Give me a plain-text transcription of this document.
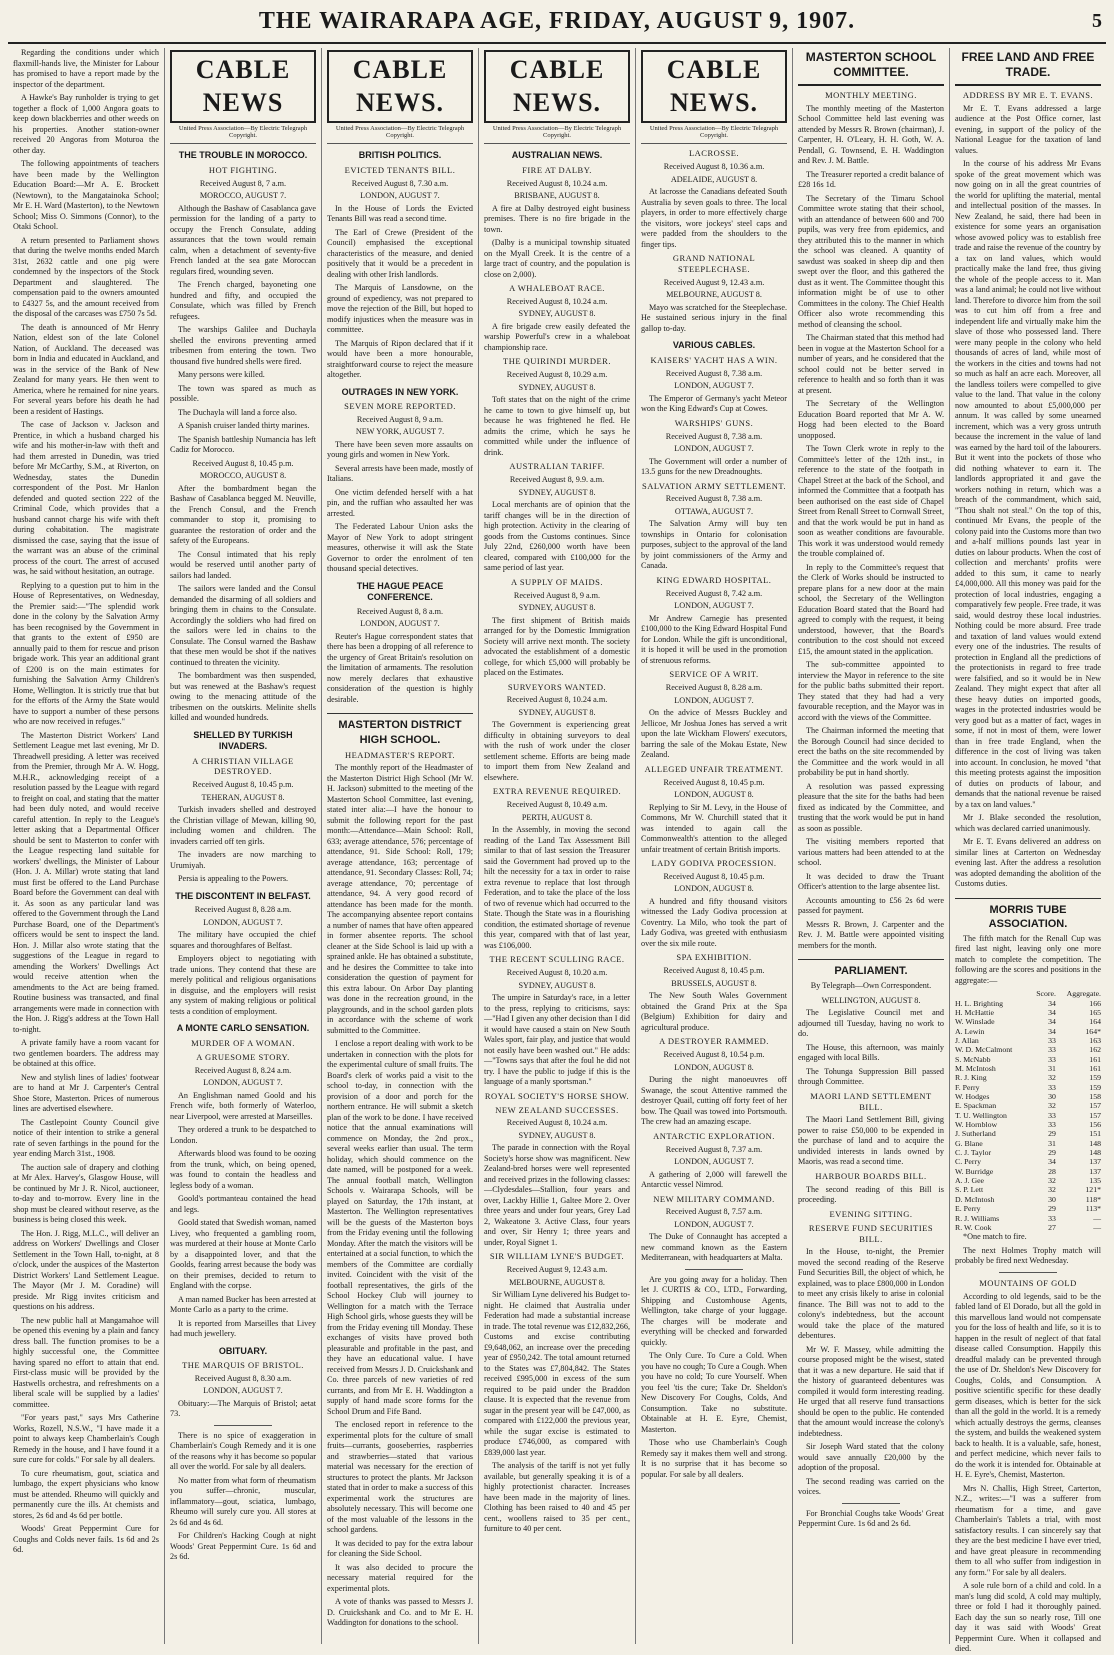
THE WAIRARAPA AGE, FRIDAY, AUGUST 9, 1907.	5

Regarding the conditions under which flaxmill-hands live, the Minister for Labour has promised to have a report made by the inspector of the department.

A Hawke's Bay runholder is trying to get together a flock of 1,000 Angora goats to keep down blackberries and other weeds on his properties. Another station-owner received 20 Angoras from Moturoa the other day.

The following appointments of teachers have been made by the Wellington Education Board:—Mr A. E. Brockett (Newtown), to the Mangatainoka School; Mr E. H. Ward (Masterton), to the Newtown School; Miss O. Simmons (Connor), to the Otaki School.

A return presented to Parliament shows that during the twelve months ended March 31st, 2632 cattle and one pig were condemned by the inspectors of the Stock Department and slaughtered. The compensation paid to the owners amounted to £4327 5s, and the amount received from the disposal of the carcases was £750 7s 5d.

The death is announced of Mr Henry Nation, eldest son of the late Colonel Nation, of Auckland. The deceased was born in India and educated in Auckland, and was in the service of the Bank of New Zealand for many years. He then went to America, where he remained for nine years. For several years before his death he had been a resident of Hastings.

The case of Jackson v. Jackson and Prentice, in which a husband charged his wife and his mother-in-law with theft and had them arrested in Dunedin, was tried before Mr McCarthy, S.M., at Riverton, on Wednesday, states the Dunedin correspondent of the Post. Mr Hanlon defended and quoted section 222 of the Criminal Code, which provides that a husband cannot charge his wife with theft during cohabitation. The magistrate dismissed the case, saying that the issue of the warrant was an abuse of the criminal process of the court. The arrest of accused was, he said without hesitation, an outrage.

Replying to a question put to him in the House of Representatives, on Wednesday, the Premier said:—"The splendid work done in the colony by the Salvation Army has been recognised by the Government in that grants to the extent of £950 are annually paid to them for rescue and prison brigade work. This year an additional grant of £200 is on the main estimates for furnishing the Salvation Army Children's Home, Wellington. It is strictly true that but for the efforts of the Army the State would have to support a number of these persons who are now received in refuges."

The Masterton District Workers' Land Settlement League met last evening, Mr D. Threadwell presiding. A letter was received from the Premier, through Mr A. W. Hogg, M.H.R., acknowledging receipt of a resolution passed by the League with regard to freight on coal, and stating that the matter had been duly noted, and would receive careful attention. In reply to the League's letter asking that a Departmental Officer should be sent to Masterton to confer with the League respecting land suitable for workers' dwellings, the Minister of Labour (Hon. J. A. Millar) wrote stating that land must first be offered to the Land Purchase Board before the Government can deal with it. As soon as any particular land was offered to the Government through the Land Purchase Board, one of the Department's officers would be sent to inspect the land. Hon. J. Millar also wrote stating that the suggestions of the League in regard to amending the Workers' Dwellings Act would receive attention when the amendments to the Act are being framed. Routine business was transacted, and final arrangements were made in connection with the Hon. J. Rigg's address at the Town Hall to-night.

A private family have a room vacant for two gentlemen boarders. The address may be obtained at this office.

New and stylish lines of ladies' footwear are to hand at Mr J. Carpenter's Central Shoe Store, Masterton. Prices of numerous lines are advertised elsewhere.

The Castlepoint County Council give notice of their intention to strike a general rate of seven farthings in the pound for the year ending March 31st., 1908.

The auction sale of drapery and clothing at Mr Alex. Harvey's, Glasgow House, will be continued by Mr J. R. Nicol, auctioneer, to-day and to-morrow. Every line in the shop must be cleared without reserve, as the business is being closed this week.

The Hon. J. Rigg, M.L.C., will deliver an address on Workers' Dwellings and Closer Settlement in the Town Hall, to-night, at 8 o'clock, under the auspices of the Masterton District Workers' Land Settlement League. The Mayor (Mr J. M. Coradine) will preside. Mr Rigg invites criticism and questions on his address.

The new public hall at Mangamahoe will be opened this evening by a plain and fancy dress ball. The function promises to be a highly successful one, the Committee having spared no effort to attain that end. First-class music will be provided by the Hastwells orchestra, and refreshments on a liberal scale will be supplied by a ladies' committee.

"For years past," says Mrs Catherine Works, Rozell, N.S.W., "I have made it a point to always keep Chamberlain's Cough Remedy in the house, and I have found it a sure cure for colds." For sale by all dealers.

To cure rheumatism, gout, sciatica and lumbago, the expert physicians who know must be attended. Rheumo will quickly and permanently cure the ills. At chemists and stores, 2s 6d and 4s 6d per bottle.

Woods' Great Peppermint Cure for Coughs and Colds never fails. 1s 6d and 2s 6d.

CABLE NEWS
United Press Association—By Electric Telegraph Copyright.
THE TROUBLE IN MOROCCO.
HOT FIGHTING.
Received August 8, 7 a.m.
MOROCCO, AUGUST 7.

Although the Bashaw of Casablanca gave permission for the landing of a party to occupy the French Consulate, adding assurances that the town would remain calm, when a detachment of seventy-five French landed at the sea gate Moroccan regulars fired, wounding seven.

The French charged, bayoneting one hundred and fifty, and occupied the Consulate, which was filled by French refugees.

The warships Galilee and Duchayla shelled the environs preventing armed tribesmen from entering the town. Two thousand five hundred shells were fired.

Many persons were killed.

The town was spared as much as possible.

The Duchayla will land a force also.

A Spanish cruiser landed thirty marines.

The Spanish battleship Numancia has left Cadiz for Morocco.

Received August 8, 10.45 p.m.
MOROCCO, AUGUST 8.

After the bombardment began the Bashaw of Casablanca begged M. Neuville, the French Consul, and the French commander to stop it, promising to guarantee the restoration of order and the safety of the Europeans.

The Consul intimated that his reply would be reserved until another party of sailors had landed.

The sailors were landed and the Consul demanded the disarming of all soldiers and bringing them in chains to the Consulate. Accordingly the soldiers who had fired on the sailors were led in chains to the Consulate. The Consul warned the Bashaw that these men would be shot if the natives continued to threaten the vicinity.

The bombardment was then suspended, but was renewed at the Bashaw's request owing to the menacing attitude of the tribesmen on the outskirts. Melinite shells killed and wounded hundreds.

SHELLED BY TURKISH INVADERS.
A CHRISTIAN VILLAGE DESTROYED.
Received August 8, 10.45 p.m.
TEHERAN, AUGUST 8.

Turkish invaders shelled and destroyed the Christian village of Mewan, killing 90, including women and children. The invaders carried off ten girls.

The invaders are now marching to Urumiyah.

Persia is appealing to the Powers.

THE DISCONTENT IN BELFAST.
Received August 8, 8.28 a.m.
LONDON, AUGUST 7.

The military have occupied the chief squares and thoroughfares of Belfast.

Employers object to negotiating with trade unions. They contend that these are merely political and religious organisations in disguise, and the employers will resist any system of making religious or political tests a condition of employment.

A MONTE CARLO SENSATION.
MURDER OF A WOMAN.
A GRUESOME STORY.
Received August 8, 8.24 a.m.
LONDON, AUGUST 7.

An Englishman named Goold and his French wife, both formerly of Waterloo, near Liverpool, were arrested at Marseilles.

They ordered a trunk to be despatched to London.

Afterwards blood was found to be oozing from the trunk, which, on being opened, was found to contain the headless and legless body of a woman.

Goold's portmanteau contained the head and legs.

Goold stated that Swedish woman, named Livey, who frequented a gambling room, was murdered at their house at Monte Carlo by a disappointed lover, and that the Goolds, fearing arrest because the body was on their premises, decided to return to England with the corpse.

A man named Bucker has been arrested at Monte Carlo as a party to the crime.

It is reported from Marseilles that Livey had much jewellery.

OBITUARY.
THE MARQUIS OF BRISTOL.
Received August 8, 8.30 a.m.
LONDON, AUGUST 7.

Obituary:—The Marquis of Bristol; aetat 73.

There is no spice of exaggeration in Chamberlain's Cough Remedy and it is one of the reasons why it has become so popular all over the world. For sale by all dealers.

No matter from what form of rheumatism you suffer—chronic, muscular, inflammatory—gout, sciatica, lumbago, Rheumo will surely cure you. All stores at 2s 6d and 4s 6d.

For Children's Hacking Cough at night Woods' Great Peppermint Cure. 1s 6d and 2s 6d.

CABLE NEWS.
United Press Association—By Electric Telegraph Copyright.
BRITISH POLITICS.
EVICTED TENANTS BILL.
Received August 8, 7.30 a.m.
LONDON, AUGUST 7.

In the House of Lords the Evicted Tenants Bill was read a second time.

The Earl of Crewe (President of the Council) emphasised the exceptional characteristics of the measure, and denied positively that it would be a precedent in dealing with other Irish landlords.

The Marquis of Lansdowne, on the ground of expediency, was not prepared to move the rejection of the Bill, but hoped to modify injustices when the measure was in committee.

The Marquis of Ripon declared that if it would have been a more honourable, straightforward course to reject the measure altogether.

OUTRAGES IN NEW YORK.
SEVEN MORE REPORTED.
Received August 8, 9 a.m.
NEW YORK, AUGUST 7.

There have been seven more assaults on young girls and women in New York.

Several arrests have been made, mostly of Italians.

One victim defended herself with a hat pin, and the ruffian who assaulted her was arrested.

The Federated Labour Union asks the Mayor of New York to adopt stringent measures, otherwise it will ask the State Governor to order the enrolment of ten thousand special detectives.

THE HAGUE PEACE CONFERENCE.
Received August 8, 8 a.m.
LONDON, AUGUST 7.

Reuter's Hague correspondent states that there has been a dropping of all reference to the urgency of Great Britain's resolution on the limitation of armaments. The resolution now merely declares that exhaustive consideration of the question is highly desirable.

MASTERTON DISTRICT HIGH SCHOOL.
HEADMASTER'S REPORT.

The monthly report of the Headmaster of the Masterton District High School (Mr W. H. Jackson) submitted to the meeting of the Masterton School Committee, last evening, stated inter alia:—I have the honour to submit the following report for the past month:—Attendance—Main School: Roll, 633; average attendance, 576; percentage of attendance, 91. Side School: Roll, 179; average attendance, 163; percentage of attendance, 91. Secondary Classes: Roll, 74; average attendance, 70; percentage of attendance, 94. A very good record of attendance has been made for the month. The accompanying absentee report contains a number of names that have often appeared in former absentee reports. The school cleaner at the Side School is laid up with a sprained ankle. He has obtained a substitute, and he desires the Committee to take into consideration the question of payment for this extra labour. On Arbor Day planting was done in the recreation ground, in the playgrounds, and in the school garden plots in accordance with the scheme of work submitted to the Committee.

I enclose a report dealing with work to be undertaken in connection with the plots for the experimental culture of small fruits. The Board's clerk of works paid a visit to the school to-day, in connection with the provision of a door and porch for the northern entrance. He will submit a sketch plan of the work to be done. I have received notice that the annual examinations will commence on Monday, the 2nd prox., several weeks earlier than usual. The term holiday, which should commence on the date named, will be postponed for a week. The annual football match, Wellington Schools v. Wairarapa Schools, will be played on Saturday, the 17th instant, at Masterton. The Wellington representatives will be the guests of the Masterton boys from the Friday evening until the following Monday. After the match the visitors will be entertained at a social function, to which the members of the Committee are cordially invited. Coincident with the visit of the football representatives, the girls of the School Hockey Club will journey to Wellington for a match with the Terrace High School girls, whose guests they will be from the Friday evening till Monday. These exchanges of visits have proved both pleasurable and profitable in the past, and they have an educational value. I have received from Messrs J. D. Cruickshank and Co. three parcels of new varieties of red currants, and from Mr E. H. Waddington a supply of hand made score forms for the School Drum and Fife Band.

The enclosed report in reference to the experimental plots for the culture of small fruits—currants, gooseberries, raspberries and strawberries—stated that various material was necessary for the erection of structures to protect the plants. Mr Jackson stated that in order to make a success of this experimental work the structures are absolutely necessary. This will become one of the most valuable of the lessons in the school gardens.

It was decided to pay for the extra labour for cleaning the Side School.

It was also decided to procure the necessary material required for the experimental plots.

A vote of thanks was passed to Messrs J. D. Cruickshank and Co. and to Mr E. H. Waddington for donations to the school.

CABLE NEWS.
United Press Association—By Electric Telegraph Copyright.
AUSTRALIAN NEWS.
FIRE AT DALBY.
Received August 8, 10.24 a.m.
BRISBANE, AUGUST 8.

A fire at Dalby destroyed eight business premises. There is no fire brigade in the town.

(Dalby is a municipal township situated on the Myall Creek. It is the centre of a large tract of country, and the population is close on 2,000).

A WHALEBOAT RACE.
Received August 8, 10.24 a.m.
SYDNEY, AUGUST 8.

A fire brigade crew easily defeated the warship Powerful's crew in a whaleboat championship race.

THE QUIRINDI MURDER.
Received August 8, 10.29 a.m.
SYDNEY, AUGUST 8.

Toft states that on the night of the crime he came to town to give himself up, but because he was frightened he fled. He admits the crime, which he says he committed while under the influence of drink.

AUSTRALIAN TARIFF.
Received August 8, 9.9. a.m.
SYDNEY, AUGUST 8.

Local merchants are of opinion that the tariff changes will be in the direction of high protection. Activity in the clearing of goods from the Customs continues. Since July 22nd, £260,000 worth have been cleared, compared with £100,000 for the same period of last year.

A SUPPLY OF MAIDS.
Received August 8, 9 a.m.
SYDNEY, AUGUST 8.

The first shipment of British maids arranged for by the Domestic Immigration Society will arrive next month. The society advocated the establishment of a domestic college, for which £5,000 will probably be placed on the Estimates.

SURVEYORS WANTED.
Received August 8, 10.24 a.m.
SYDNEY, AUGUST 8.

The Government is experiencing great difficulty in obtaining surveyors to deal with the rush of work under the closer settlement scheme. Efforts are being made to import them from New Zealand and elsewhere.

EXTRA REVENUE REQUIRED.
Received August 8, 10.49 a.m.
PERTH, AUGUST 8.

In the Assembly, in moving the second reading of the Land Tax Assessment Bill similar to that of last session the Treasurer said the Government had proved up to the hilt the necessity for a tax in order to raise extra revenue to replace that lost through Federation, and to take the place of the loss of two of revenue which had occurred to the State. Though the State was in a flourishing condition, the estimated shortage of revenue this year, compared with that of last year, was £106,000.

THE RECENT SCULLING RACE.
Received August 8, 10.20 a.m.
SYDNEY, AUGUST 8.

The umpire in Saturday's race, in a letter to the press, replying to criticisms, says:—"Had I given any other decision than I did it would have caused a stain on New South Wales sport, fair play, and justice that would not easily have been washed out." He adds:—"Towns says that after the foul he did not try. I have the public to judge if this is the language of a manly sportsman."

ROYAL SOCIETY'S HORSE SHOW.
NEW ZEALAND SUCCESSES.
Received August 8, 10.24 a.m.
SYDNEY, AUGUST 8.

The parade in connection with the Royal Society's horse show was magnificent. New Zealand-bred horses were well represented and received prizes in the following classes:—Clydesdales—Stallion, four years and over, Lackby Hillie 1, Galtee More 2. Over three years and under four years, Grey Lad 2, Wakeatone 3. Active Class, four years and over, Sir Henry 1; three years and under, Royal Signet 1.

SIR WILLIAM LYNE'S BUDGET.
Received August 9, 12.43 a.m.
MELBOURNE, AUGUST 8.

Sir William Lyne delivered his Budget to-night. He claimed that Australia under Federation had made a substantial increase in trade. The total revenue was £12,832,266, Customs and excise contributing £9,648,062, an increase over the preceding year of £950,242. The total amount returned to the States was £7,804,842. The States received £995,000 in excess of the sum required to be paid under the Braddon clause. It is expected that the revenue from sugar in the present year will be £47,000, as compared with £122,000 the previous year, while the sugar excise is estimated to produce £746,000, as compared with £839,000 last year.

The analysis of the tariff is not yet fully available, but generally speaking it is of a highly protectionist character. Increases have been made in the majority of lines. Clothing has been raised to 40 and 45 per cent., woollens raised to 35 per cent., furniture to 40 per cent.

CABLE NEWS.
United Press Association—By Electric Telegraph Copyright.
LACROSSE.
Received August 8, 10.36 a.m.
ADELAIDE, AUGUST 8.

At lacrosse the Canadians defeated South Australia by seven goals to three. The local players, in order to more effectively charge the visitors, wore jockeys' steel caps and were padded from the shoulders to the finger tips.

GRAND NATIONAL STEEPLECHASE.
Received August 9, 12.43 a.m.
MELBOURNE, AUGUST 8.

Mayo was scratched for the Steeplechase. He sustained serious injury in the final gallop to-day.

VARIOUS CABLES.
KAISERS' YACHT HAS A WIN.
Received August 8, 7.38 a.m.
LONDON, AUGUST 7.

The Emperor of Germany's yacht Meteor won the King Edward's Cup at Cowes.

WARSHIPS' GUNS.
Received August 8, 7.38 a.m.
LONDON, AUGUST 7.

The Government will order a number of 13.5 guns for the new Dreadnoughts.

SALVATION ARMY SETTLEMENT.
Received August 8, 7.38 a.m.
OTTAWA, AUGUST 7.

The Salvation Army will buy ten townships in Ontario for colonisation purposes, subject to the approval of the land by joint commissioners of the Army and Canada.

KING EDWARD HOSPITAL.
Received August 8, 7.42 a.m.
LONDON, AUGUST 7.

Mr Andrew Carnegie has presented £100,000 to the King Edward Hospital Fund for London. While the gift is unconditional, it is hoped it will be used in the promotion of strenuous reforms.

SERVICE OF A WRIT.
Received August 8, 8.28 a.m.
LONDON, AUGUST 7.

On the advice of Messrs Buckley and Jellicoe, Mr Joshua Jones has served a writ upon the late Wickham Flowers' executors, barring the sale of the Mokau Estate, New Zealand.

ALLEGED UNFAIR TREATMENT.
Received August 8, 10.45 p.m.
LONDON, AUGUST 8.

Replying to Sir M. Levy, in the House of Commons, Mr W. Churchill stated that it was intended to again call the Commonwealth's attention to the alleged unfair treatment of certain British imports.

LADY GODIVA PROCESSION.
Received August 8, 10.45 p.m.
LONDON, AUGUST 8.

A hundred and fifty thousand visitors witnessed the Lady Godiva procession at Coventry. La Milo, who took the part of Lady Godiva, was greeted with enthusiasm over the six mile route.

SPA EXHIBITION.
Received August 8, 10.45 p.m.
BRUSSELS, AUGUST 8.

The New South Wales Government obtained the Grand Prix at the Spa (Belgium) Exhibition for dairy and agricultural produce.

A DESTROYER RAMMED.
Received August 8, 10.54 p.m.
LONDON, AUGUST 8.

During the night manoeuvres off Swanage, the scout Attentive rammed the destroyer Quail, cutting off forty feet of her bow. The Quail was towed into Portsmouth. The crew had an amazing escape.

ANTARCTIC EXPLORATION.
Received August 8, 7.37 a.m.
LONDON, AUGUST 7.

A gathering of 2,000 will farewell the Antarctic vessel Nimrod.

NEW MILITARY COMMAND.
Received August 8, 7.57 a.m.
LONDON, AUGUST 7.

The Duke of Connaught has accepted a new command known as the Eastern Mediterranean, with headquarters at Malta.

Are you going away for a holiday. Then let J. CURTIS & CO., LTD., Forwarding, Shipping and Customhouse Agents, Wellington, take charge of your luggage. The charges will be moderate and everything will be checked and forwarded quickly.

The Only Cure. To Cure a Cold. When you have no cough; To Cure a Cough. When you have no cold; To cure Yourself. When you feel 'tis the cure; Take Dr. Sheldon's New Discovery For Coughs, Colds, And Consumption. Take no substitute. Obtainable at H. E. Eyre, Chemist, Masterton.

Those who use Chamberlain's Cough Remedy say it makes them well and strong. It is no surprise that it has become so popular. For sale by all dealers.

MASTERTON SCHOOL COMMITTEE.
MONTHLY MEETING.

The monthly meeting of the Masterton School Committee held last evening was attended by Messrs R. Brown (chairman), J. Carpenter, H. O'Leary, H. H. Goth, W. A. Pendall, G. Townsend, E. H. Waddington and Rev. J. M. Battle.

The Treasurer reported a credit balance of £28 16s 1d.

The Secretary of the Timaru School Committee wrote stating that their school, with an attendance of between 600 and 700 pupils, was very free from epidemics, and they attributed this to the manner in which the school was cleaned. A quantity of sawdust was soaked in sheep dip and then swept over the floor, and this gathered the dust as it went. The Committee thought this information might be of use to other Committees in the colony. The Chief Health Officer also wrote recommending this method of cleansing the school.

The Chairman stated that this method had been in vogue at the Masterton School for a number of years, and he considered that the school could not be better served in reference to health and so forth than it was at present.

The Secretary of the Wellington Education Board reported that Mr A. W. Hogg had been elected to the Board unopposed.

The Town Clerk wrote in reply to the Committee's letter of the 12th inst., in reference to the state of the footpath in Chapel Street at the back of the School, and informed the Committee that a footpath has been authorised on the east side of Chapel Street from Renall Street to Cornwall Street, and that the work would be put in hand as soon as weather conditions are favourable. This work it was understood would remedy the trouble complained of.

In reply to the Committee's request that the Clerk of Works should be instructed to prepare plans for a new door at the main school, the Secretary of the Wellington Education Board stated that the Board had agreed to comply with the request, it being understood, however, that the Board's contribution to the cost should not exceed £15, the amount stated in the application.

The sub-committee appointed to interview the Mayor in reference to the site for the public baths submitted their report. They stated that they had had a very favourable reception, and the Mayor was in accord with the views of the Committee.

The Chairman informed the meeting that the Borough Council had since decided to erect the baths on the site recommended by the Committee and the work would in all probability be put in hand shortly.

A resolution was passed expressing pleasure that the site for the baths had been fixed as indicated by the Committee, and trusting that the work would be put in hand as soon as possible.

The visiting members reported that various matters had been attended to at the school.

It was decided to draw the Truant Officer's attention to the large absentee list.

Accounts amounting to £56 2s 6d were passed for payment.

Messrs R. Brown, J. Carpenter and the Rev. J. M. Battle were appointed visiting members for the month.

PARLIAMENT.
By Telegraph—Own Correspondent.
WELLINGTON, AUGUST 8.

The Legislative Council met and adjourned till Tuesday, having no work to do.

The House, this afternoon, was mainly engaged with local Bills.

The Tohunga Suppression Bill passed through Committee.

MAORI LAND SETTLEMENT BILL.

The Maori Land Settlement Bill, giving power to raise £50,000 to be expended in the purchase of land and to acquire the undivided interests in lands owned by Maoris, was read a second time.

HARBOUR BOARDS BILL.

The second reading of this Bill is proceeding.

EVENING SITTING.
RESERVE FUND SECURITIES BILL.

In the House, to-night, the Premier moved the second reading of the Reserve Fund Securities Bill, the object of which, he explained, was to place £800,000 in London to meet any crisis likely to arise in colonial finance. The Bill was not to add to the colony's indebtedness, but the account would take the place of the matured debentures.

Mr W. F. Massey, while admitting the course proposed might be the wisest, stated that it was a new departure. He said that if the history of guaranteed debentures was compiled it would form interesting reading. He urged that all reserve fund transactions should be open to the public. He contended that the amount would increase the colony's indebtedness.

Sir Joseph Ward stated that the colony would save annually £20,000 by the adoption of the proposal.

The second reading was carried on the voices.

For Bronchial Coughs take Woods' Great Peppermint Cure. 1s 6d and 2s 6d.

FREE LAND AND FREE TRADE.
ADDRESS BY MR E. T. EVANS.

Mr E. T. Evans addressed a large audience at the Post Office corner, last evening, in support of the policy of the National League for the taxation of land values.

In the course of his address Mr Evans spoke of the great movement which was now going on in all the great countries of the world for uplifting the material, mental and intellectual position of the masses. In New Zealand, he said, there had been in existence for some years an organisation whose avowed policy was to establish free trade and raise the revenue of the country by a tax on land values, which would practically make the land free, thus giving the whole of the people access to it. Man was a land animal; he could not live without land. Therefore to divorce him from the soil was to cut him off from a free and independent life and virtually make him the slave of those who possessed land. There were many people in the colony who held thousands of acres of land, while most of the workers in the cities and towns had not so much as half an acre each. Moreover, all the landless toilers were compelled to give value to the land. That value in the colony now amounted to about £5,000,000 per annum. It was called by some unearned increment, which was a very gross untruth because the increment in the value of land was earned by the hard toil of the labourers. But it went into the pockets of those who did nothing whatever to earn it. The landlords appropriated it and gave the workers nothing in return, which was a breach of the commandment, which said, "Thou shalt not steal." On the top of this, continued Mr Evans, the people of the colony paid into the Customs more than two and a-half millions pounds last year in duties on labour products. When the cost of collection and merchants' profits were added to this sum, it came to nearly £4,000,000. All this money was paid for the protection of local industries, engaging a comparatively few people. Free trade, it was said, would destroy these local industries. Nothing could be more absurd. Free trade and taxation of land values would extend every one of the industries. The results of protection in England all the predictions of the protectionists in regard to free trade were falsified, and so it would be in New Zealand. They might expect that after all these heavy duties on imported goods, wages in the protected industries would be very good but as a matter of fact, wages in some, if not in most of them, were lower than in free trade England, when the difference in the cost of living was taken into account. In conclusion, he moved "that this meeting protests against the imposition of duties on products of labour, and demands that the national revenue be raised by a tax on land values."

Mr J. Blake seconded the resolution, which was declared carried unanimously.

Mr E. T. Evans delivered an address on similar lines at Carterton on Wednesday evening last. After the address a resolution was adopted demanding the abolition of the Customs duties.

MORRIS TUBE ASSOCIATION.

The fifth match for the Renall Cup was fired last night, leaving only one more match to complete the competition. The following are the scores and positions in the aggregate:—

	Score.	Aggregate.
H. L. Brighting	34	166
H. McHattie	34	165
W. Winslade	34	164
A. Lewin	34	164*
J. Allan	33	163
W. D. McCalmont	33	162
S. McNabb	33	161
M. McIntosh	31	161
R. J. King	32	159
F. Perry	33	159
W. Hodges	30	158
E. Spackman	32	157
T. U. Wellington	33	157
W. Hornblow	33	156
J. Sutherland	29	151
G. Blane	31	148
C. J. Taylor	29	148
C. Perry	34	137
W. Burridge	28	137
A. J. Gee	32	135
S. P. Lett	32	121*
D. McIntosh	30	118*
E. Perry	29	113*
R. J. Williams	33	—
R. W. Cook	27	—

*One match to fire.

The next Holmes Trophy match will probably be fired next Wednesday.

MOUNTAINS OF GOLD

According to old legends, said to be the fabled land of El Dorado, but all the gold in this marvellous land would not compensate you for the loss of health and life, so it is to happen in the result of neglect of that fatal disease called Consumption. Happily this dreadful malady can be prevented through the use of Dr. Sheldon's New Discovery for Coughs, Colds, and Consumption. A positive scientific specific for these deadly germ diseases, which is better for the sick than all the gold in the world. It is a remedy which actually destroys the germs, cleanses the system, and builds the weakened system back to health. It is a valuable, safe, honest, and perfect medicine, which never fails to do the work it is intended for. Obtainable at H. E. Eyre's, Chemist, Masterton.

Mrs N. Challis, High Street, Carterton, N.Z., writes:—"I was a sufferer from rheumatism for a time, and gave Chamberlain's Tablets a trial, with most satisfactory results. I can sincerely say that they are the best medicine I have ever tried, and have great pleasure in recommending them to all who suffer from indigestion in any form." For sale by all dealers.

A sole rule born of a child and cold. In a man's lung did scold, A cold may multiply, three or fold I had it thoroughly pained. Each day the sun so nearly rose, Till one day it was said with Woods' Great Peppermint Cure. When it collapsed and died.
